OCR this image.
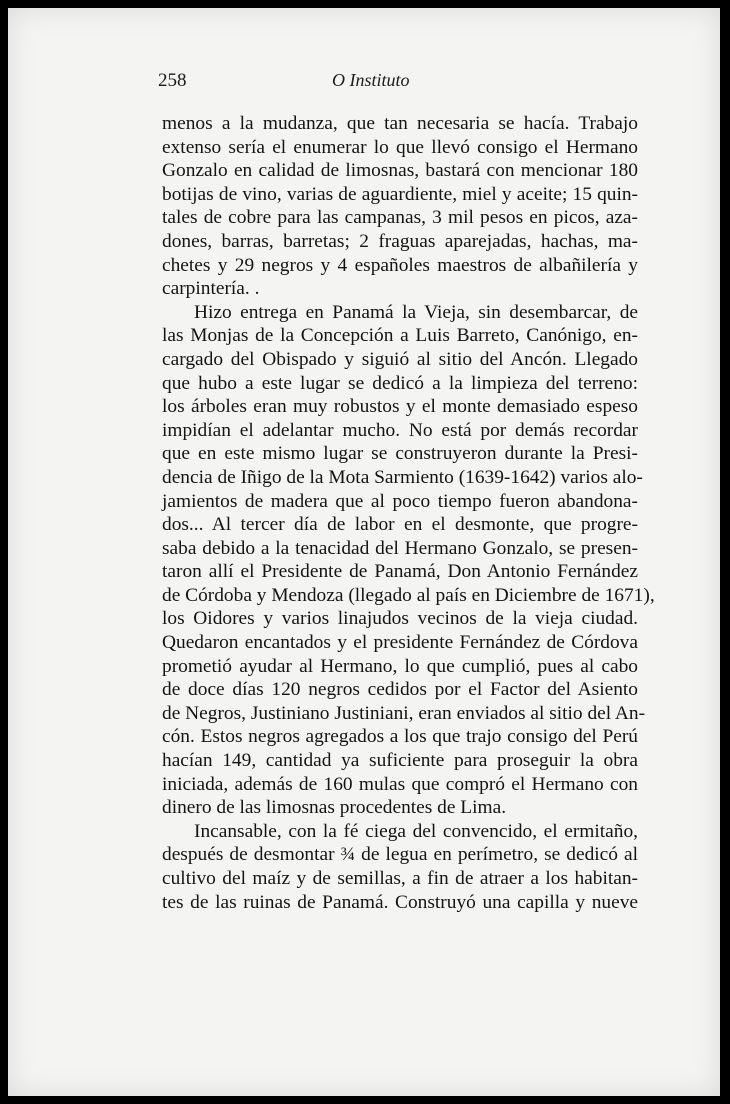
258	O Instituto
menos a la mudanza, que tan necesaria se hacía. Trabajo
extenso sería el enumerar lo que llevó consigo el Hermano
Gonzalo en calidad de limosnas, bastará con mencionar 180
botijas de vino, varias de aguardiente, miel y aceite; 15 quin-
tales de cobre para las campanas, 3 mil pesos en picos, aza-
dones, barras, barretas; 2 fraguas aparejadas, hachas, ma-
chetes y 29 negros y 4 españoles maestros de albañilería y
carpintería. .
Hizo entrega en Panamá la Vieja, sin desembarcar, de
las Monjas de la Concepción a Luis Barreto, Canónigo, en-
cargado del Obispado y siguió al sitio del Ancón. Llegado
que hubo a este lugar se dedicó a la limpieza del terreno:
los árboles eran muy robustos y el monte demasiado espeso
impidían el adelantar mucho. No está por demás recordar
que en este mismo lugar se construyeron durante la Presi-
dencia de Iñigo de la Mota Sarmiento (1639-1642) varios alo-
jamientos de madera que al poco tiempo fueron abandona-
dos... Al tercer día de labor en el desmonte, que progre-
saba debido a la tenacidad del Hermano Gonzalo, se presen-
taron allí el Presidente de Panamá, Don Antonio Fernández
de Córdoba y Mendoza (llegado al país en Diciembre de 1671),
los Oidores y varios linajudos vecinos de la vieja ciudad.
Quedaron encantados y el presidente Fernández de Córdova
prometió ayudar al Hermano, lo que cumplió, pues al cabo
de doce días 120 negros cedidos por el Factor del Asiento
de Negros, Justiniano Justiniani, eran enviados al sitio del An-
cón. Estos negros agregados a los que trajo consigo del Perú
hacían 149, cantidad ya suficiente para proseguir la obra
iniciada, además de 160 mulas que compró el Hermano con
dinero de las limosnas procedentes de Lima.
Incansable, con la fé ciega del convencido, el ermitaño,
después de desmontar ¾ de legua en perímetro, se dedicó al
cultivo del maíz y de semillas, a fin de atraer a los habitan-
tes de las ruinas de Panamá. Construyó una capilla y nueve
